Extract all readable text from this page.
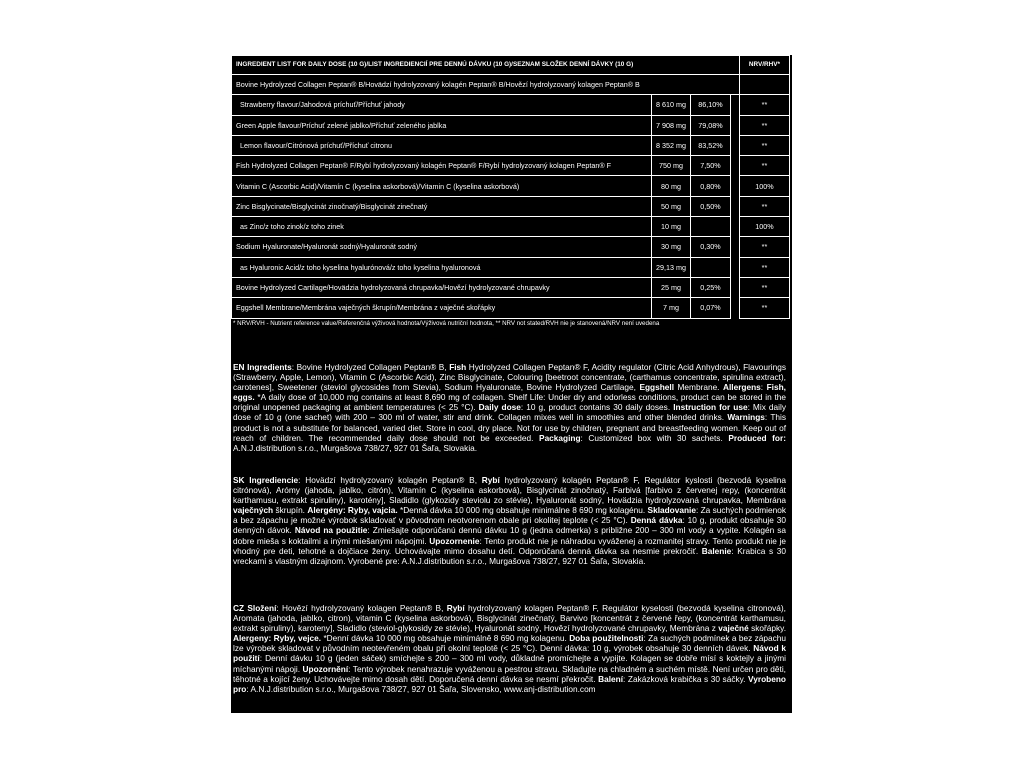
INGREDIENT LIST FOR DAILY DOSE (10 G)/LIST INGREDIENCIÍ PRE DENNÚ DÁVKU (10 G)/SEZNAM SLOŽEK DENNÍ DÁVKY (10 G)				NRV/RHV*
Bovine Hydrolyzed Collagen Peptan® B/Hovädzí hydrolyzovaný kolagén Peptan® B/Hovězí hydrolyzovaný kolagen Peptan® B				
Strawberry flavour/Jahodová príchuť/Příchuť jahody	8 610 mg	86,10%		**
Green Apple flavour/Príchuť zelené jablko/Příchuť zeleného jablka	7 908 mg	79,08%		**
Lemon flavour/Citrónová príchuť/Příchuť citronu	8 352 mg	83,52%		**
Fish Hydrolyzed Collagen Peptan® F/Rybí hydrolyzovaný kolagén Peptan® F/Rybí hydrolyzovaný kolagen Peptan® F	750 mg	7,50%		**
Vitamin C (Ascorbic Acid)/Vitamín C (kyselina askorbová)/Vitamin C (kyselina askorbová)	80 mg	0,80%		100%
Zinc Bisglycinate/Bisglycinát zinočnatý/Bisglycinát zinečnatý	50 mg	0,50%		**
as Zinc/z toho zinok/z toho zinek	10 mg			100%
Sodium Hyaluronate/Hyaluronát sodný/Hyaluronát sodný	30 mg	0,30%		**
as Hyaluronic Acid/z toho kyselina hyalurónová/z toho kyselina hyaluronová	29,13 mg			**
Bovine Hydrolyzed Cartilage/Hovädzia hydrolyzovaná chrupavka/Hovězí hydrolyzované chrupavky	25 mg	0,25%		**
Eggshell Membrane/Membrána vaječných škrupín/Membrána z vaječné skořápky	7 mg	0,07%		**
* NRV/RVH - Nutrient reference value/Referenčná výživová hodnota/Výživová nutriční hodnota, ** NRV not stated/RVH nie je stanovená/NRV není uvedena
EN Ingredients: Bovine Hydrolyzed Collagen Peptan® B, Fish Hydrolyzed Collagen Peptan® F, Acidity regulator (Citric Acid Anhydrous), Flavourings (Strawberry, Apple, Lemon), Vitamin C (Ascorbic Acid), Zinc Bisglycinate, Colouring [beetroot concentrate, (carthamus concentrate, spirulina extract), carotenes], Sweetener (steviol glycosides from Stevia), Sodium Hyaluronate, Bovine Hydrolyzed Cartilage, Eggshell Membrane. Allergens: Fish, eggs. *A daily dose of 10,000 mg contains at least 8,690 mg of collagen. Shelf Life: Under dry and odorless conditions, product can be stored in the original unopened packaging at ambient temperatures (< 25 °C). Daily dose: 10 g, product contains 30 daily doses. Instruction for use: Mix daily dose of 10 g (one sachet) with 200 – 300 ml of water, stir and drink. Collagen mixes well in smoothies and other blended drinks. Warnings: This product is not a substitute for balanced, varied diet. Store in cool, dry place. Not for use by children, pregnant and breastfeeding women. Keep out of reach of children. The recommended daily dose should not be exceeded. Packaging: Customized box with 30 sachets. Produced for: A.N.J.distribution s.r.o., Murgašova 738/27, 927 01 Šaľa, Slovakia.
SK Ingrediencie: Hovädzí hydrolyzovaný kolagén Peptan® B, Rybí hydrolyzovaný kolagén Peptan® F, Regulátor kyslosti (bezvodá kyselina citrónová), Arómy (jahoda, jablko, citrón), Vitamín C (kyselina askorbová), Bisglycinát zinočnatý, Farbivá [farbivo z červenej repy, (koncentrát karthamusu, extrakt spiruliny), karotény], Sladidlo (glykozidy steviolu zo stévie), Hyaluronát sodný, Hovädzia hydrolyzovaná chrupavka, Membrána vaječných škrupín. Alergény: Ryby, vajcia. *Denná dávka 10 000 mg obsahuje minimálne 8 690 mg kolagénu. Skladovanie: Za suchých podmienok a bez zápachu je možné výrobok skladovať v pôvodnom neotvorenom obale pri okolitej teplote (< 25 °C). Denná dávka: 10 g, produkt obsahuje 30 denných dávok. Návod na použitie: Zmiešajte odporúčanú dennú dávku 10 g (jedna odmerka) s približne 200 – 300 ml vody a vypite. Kolagén sa dobre mieša s koktailmi a inými miešanými nápojmi. Upozornenie: Tento produkt nie je náhradou vyváženej a rozmanitej stravy. Tento produkt nie je vhodný pre deti, tehotné a dojčiace ženy. Uchovávajte mimo dosahu detí. Odporúčaná denná dávka sa nesmie prekročiť. Balenie: Krabica s 30 vreckami s vlastným dizajnom. Vyrobené pre: A.N.J.distribution s.r.o., Murgašova 738/27, 927 01 Šaľa, Slovakia.
CZ Složení: Hovězí hydrolyzovaný kolagen Peptan® B, Rybí hydrolyzovaný kolagen Peptan® F, Regulátor kyselosti (bezvodá kyselina citronová), Aromata (jahoda, jablko, citron), vitamin C (kyselina askorbová), Bisglycinát zinečnatý, Barvivo [koncentrát z červené řepy, (koncentrát karthamusu, extrakt spiruliny), karoteny], Sladidlo (steviol-glykosidy ze stévie), Hyaluronát sodný, Hovězí hydrolyzované chrupavky, Membrána z vaječné skořápky. Alergeny: Ryby, vejce. *Denní dávka 10 000 mg obsahuje minimálně 8 690 mg kolagenu. Doba použitelnosti: Za suchých podmínek a bez zápachu lze výrobek skladovat v původním neotevřeném obalu při okolní teplotě (< 25 °C). Denní dávka: 10 g, výrobek obsahuje 30 denních dávek. Návod k použití: Denní dávku 10 g (jeden sáček) smíchejte s 200 – 300 ml vody, důkladně promíchejte a vypijte. Kolagen se dobře mísí s koktejly a jinými míchanými nápoji. Upozornění: Tento výrobek nenahrazuje vyváženou a pestrou stravu. Skladujte na chladném a suchém místě. Není určen pro děti, těhotné a kojící ženy. Uchovávejte mimo dosah dětí. Doporučená denní dávka se nesmí překročit. Balení: Zakázková krabička s 30 sáčky. Vyrobeno pro: A.N.J.distribution s.r.o., Murgašova 738/27, 927 01 Šaľa, Slovensko, www.anj-distribution.com
